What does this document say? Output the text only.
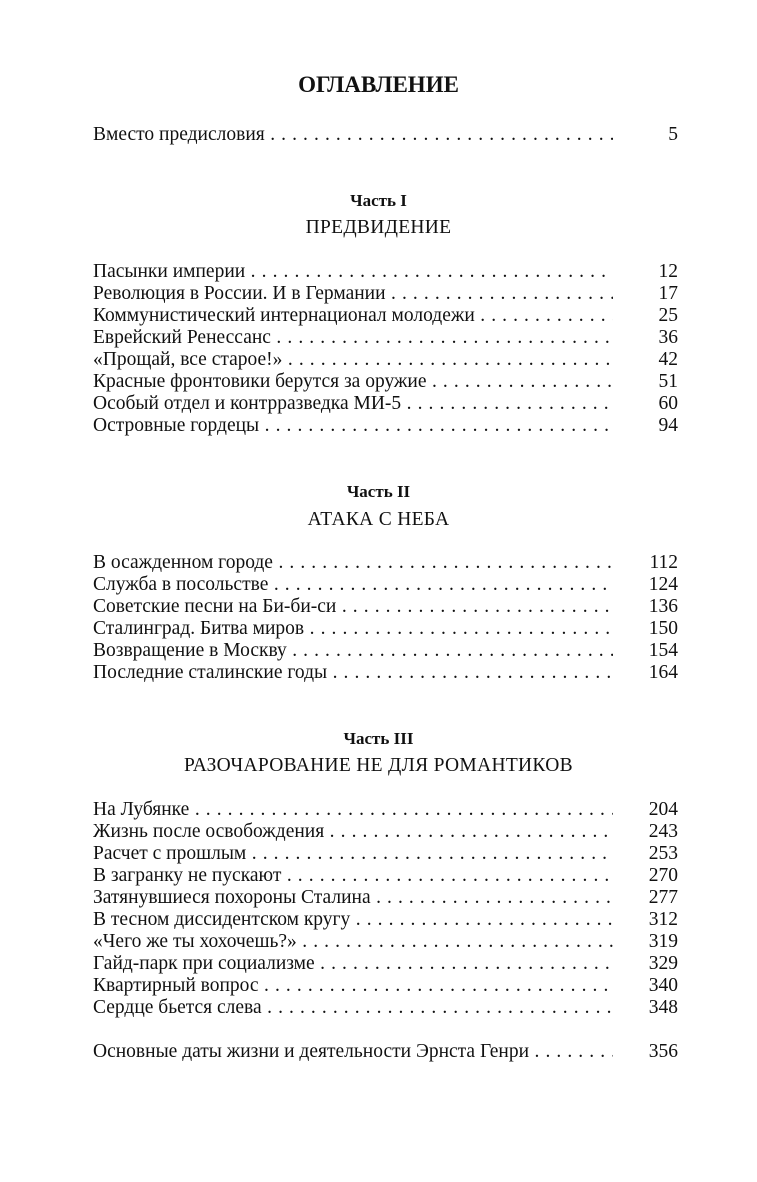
ОГЛАВЛЕНИЕ
Вместо предисловия . . .	5
Часть I
ПРЕДВИДЕНИЕ
Пасынки империи . . .	12
Революция в России. И в Германии . . .	17
Коммунистический интернационал молодежи . . .	25
Еврейский Ренессанс . . .	36
«Прощай, все старое!» . . .	42
Красные фронтовики берутся за оружие . . .	51
Особый отдел и контрразведка МИ-5 . . .	60
Островные гордецы . . .	94
Часть II
АТАКА С НЕБА
В осажденном городе . . .	112
Служба в посольстве . . .	124
Советские песни на Би-би-си . . .	136
Сталинград. Битва миров . . .	150
Возвращение в Москву . . .	154
Последние сталинские годы . . .	164
Часть III
РАЗОЧАРОВАНИЕ НЕ ДЛЯ РОМАНТИКОВ
На Лубянке . . .	204
Жизнь после освобождения . . .	243
Расчет с прошлым . . .	253
В загранку не пускают . . .	270
Затянувшиеся похороны Сталина . . .	277
В тесном диссидентском кругу . . .	312
«Чего же ты хохочешь?» . . .	319
Гайд-парк при социализме . . .	329
Квартирный вопрос . . .	340
Сердце бьется слева . . .	348
Основные даты жизни и деятельности Эрнста Генри . . .	356
